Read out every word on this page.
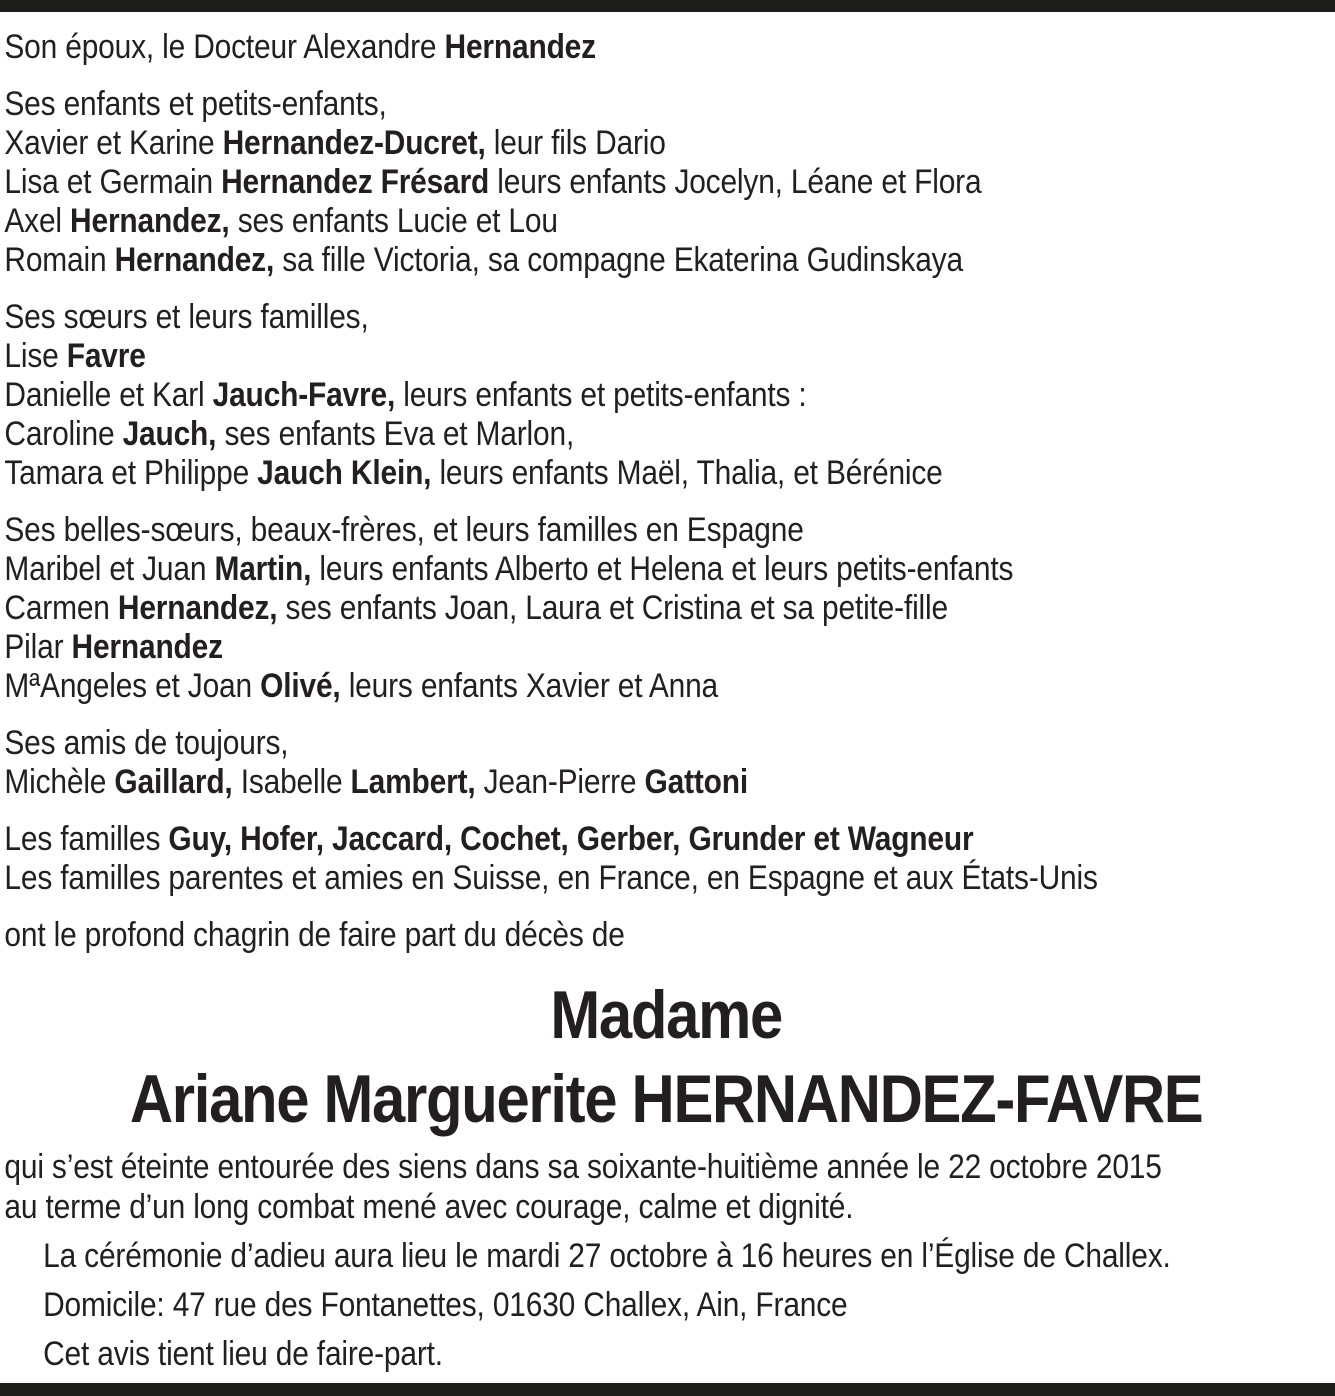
Son époux, le Docteur Alexandre Hernandez
Ses enfants et petits-enfants,
Xavier et Karine Hernandez-Ducret, leur fils Dario
Lisa et Germain Hernandez Frésard leurs enfants Jocelyn, Léane et Flora
Axel Hernandez, ses enfants Lucie et Lou
Romain Hernandez, sa fille Victoria, sa compagne Ekaterina Gudinskaya
Ses sœurs et leurs familles,
Lise Favre
Danielle et Karl Jauch-Favre, leurs enfants et petits-enfants :
Caroline Jauch, ses enfants Eva et Marlon,
Tamara et Philippe Jauch Klein, leurs enfants Maël, Thalia, et Bérénice
Ses belles-sœurs, beaux-frères, et leurs familles en Espagne
Maribel et Juan Martin, leurs enfants Alberto et Helena et leurs petits-enfants
Carmen Hernandez, ses enfants Joan, Laura et Cristina et sa petite-fille
Pilar Hernandez
MªAngeles et Joan Olivé, leurs enfants Xavier et Anna
Ses amis de toujours,
Michèle Gaillard, Isabelle Lambert, Jean-Pierre Gattoni
Les familles Guy, Hofer, Jaccard, Cochet, Gerber, Grunder et Wagneur
Les familles parentes et amies en Suisse, en France, en Espagne et aux États-Unis
ont le profond chagrin de faire part du décès de
Madame
Ariane Marguerite HERNANDEZ-FAVRE
qui s’est éteinte entourée des siens dans sa soixante-huitième année le 22 octobre 2015
au terme d’un long combat mené avec courage, calme et dignité.
La cérémonie d’adieu aura lieu le mardi 27 octobre à 16 heures en l’Église de Challex.
Domicile: 47 rue des Fontanettes, 01630 Challex, Ain, France
Cet avis tient lieu de faire-part.
